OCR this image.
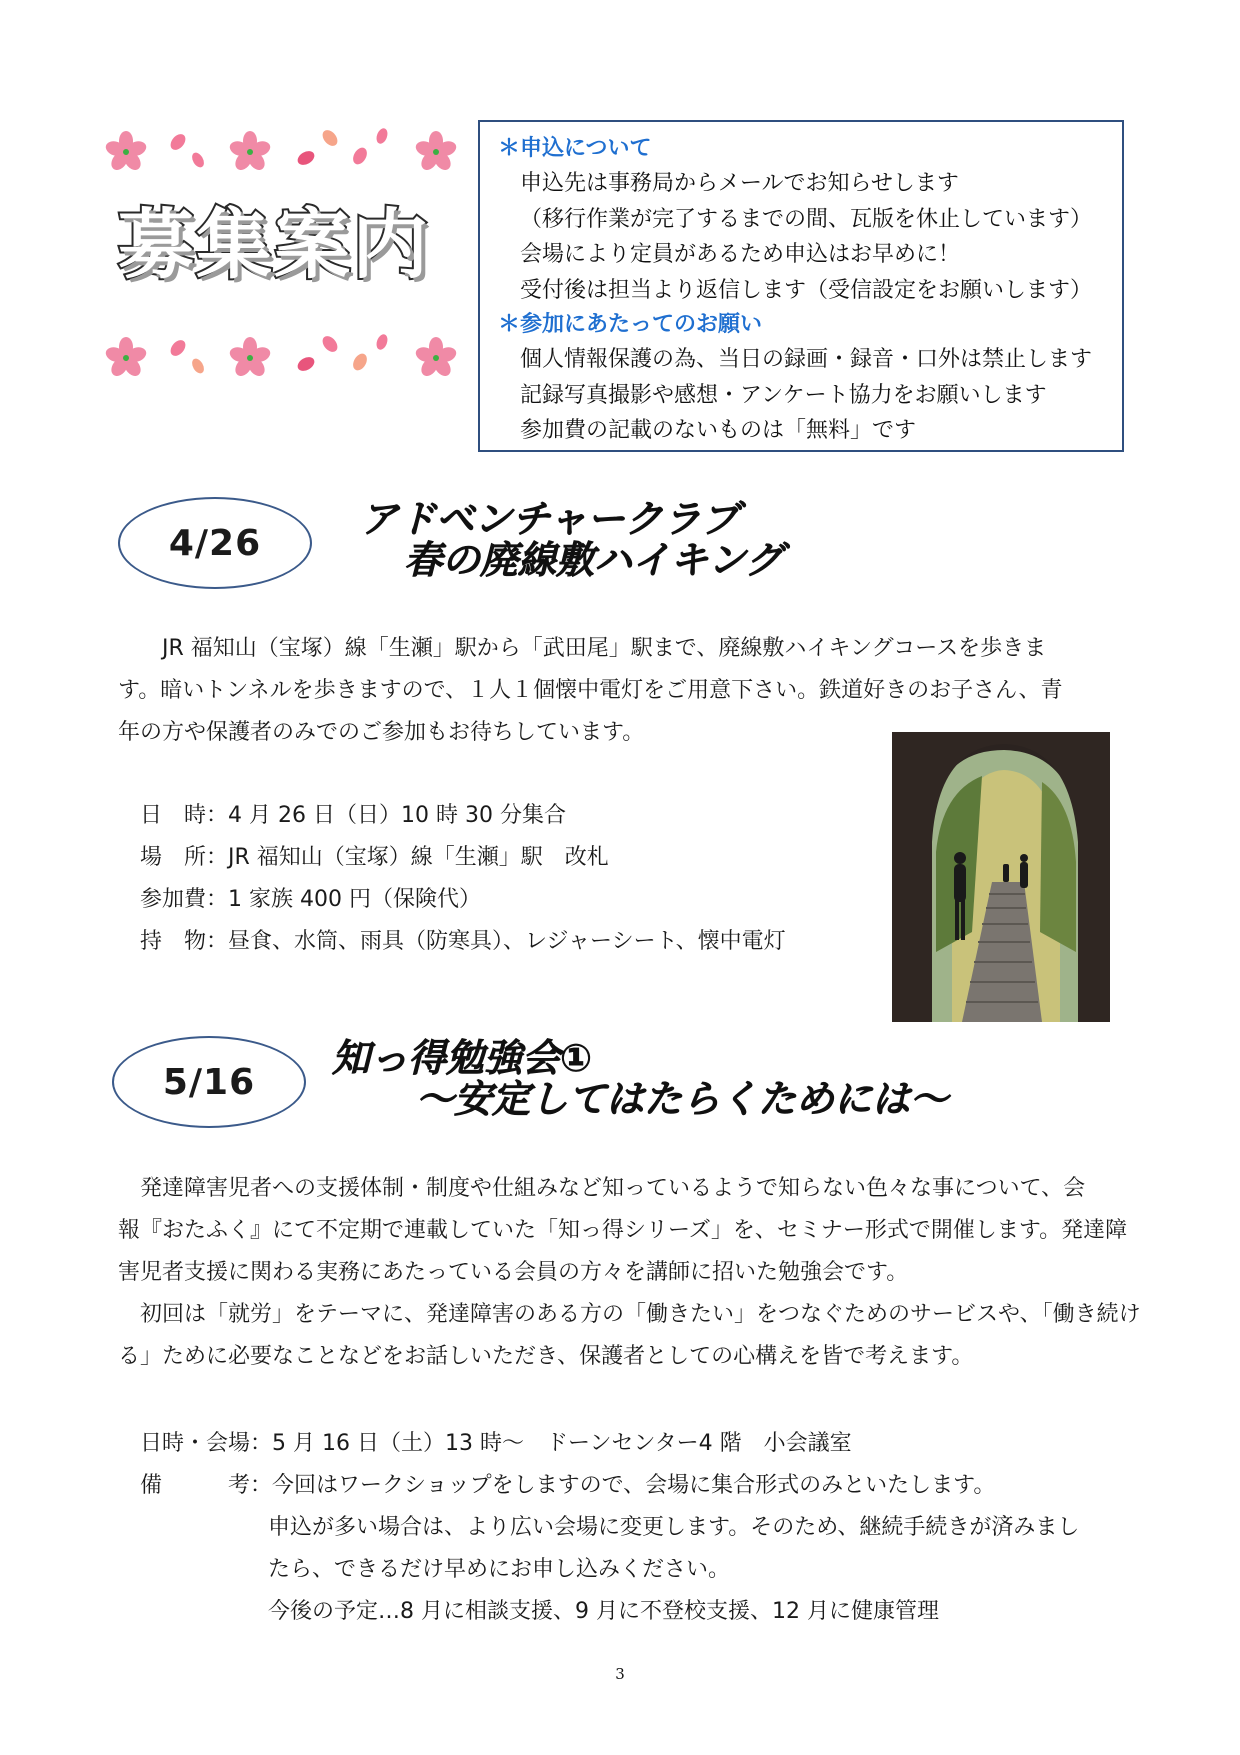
募集案内
＊申込について
申込先は事務局からメールでお知らせします
（移行作業が完了するまでの間、瓦版を休止しています）
会場により定員があるため申込はお早めに！
受付後は担当より返信します（受信設定をお願いします）
＊参加にあたってのお願い
個人情報保護の為、当日の録画・録音・口外は禁止します
記録写真撮影や感想・アンケート協力をお願いします
参加費の記載のないものは「無料」です
4/26
アドベンチャークラブ
春の廃線敷ハイキング
JR 福知山（宝塚）線「生瀬」駅から「武田尾」駅まで、廃線敷ハイキングコースを歩きま
す。暗いトンネルを歩きますので、１人１個懐中電灯をご用意下さい。鉄道好きのお子さん、青
年の方や保護者のみでのご参加もお待ちしています。
日　時：4 月 26 日（日）10 時 30 分集合
場　所：JR 福知山（宝塚）線「生瀬」駅　改札
参加費：1 家族 400 円（保険代）
持　物：昼食、水筒、雨具（防寒具）、レジャーシート、懐中電灯
5/16
知っ得勉強会①
～安定してはたらくためには～
発達障害児者への支援体制・制度や仕組みなど知っているようで知らない色々な事について、会
報『おたふく』にて不定期で連載していた「知っ得シリーズ」を、セミナー形式で開催します。発達障
害児者支援に関わる実務にあたっている会員の方々を講師に招いた勉強会です。
初回は「就労」をテーマに、発達障害のある方の「働きたい」をつなぐためのサービスや、「働き続け
る」ために必要なことなどをお話しいただき、保護者としての心構えを皆で考えます。
日時・会場：5 月 16 日（土）13 時～　ドーンセンター4 階　小会議室
備　　　考：今回はワークショップをしますので、会場に集合形式のみといたします。
申込が多い場合は、より広い会場に変更します。そのため、継続手続きが済みまし
たら、できるだけ早めにお申し込みください。
今後の予定…8 月に相談支援、9 月に不登校支援、12 月に健康管理
3
